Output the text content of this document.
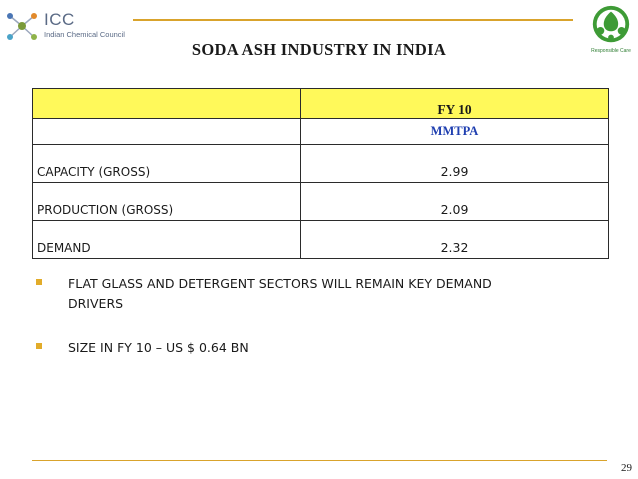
ICC
Indian Chemical Council
Responsible Care
SODA ASH INDUSTRY IN INDIA
	FY 10
	MMTPA
CAPACITY (GROSS)	2.99
PRODUCTION (GROSS)	2.09
DEMAND	2.32
FLAT GLASS AND DETERGENT SECTORS WILL REMAIN KEY DEMAND DRIVERS
SIZE IN FY 10 – US $ 0.64 BN
29
